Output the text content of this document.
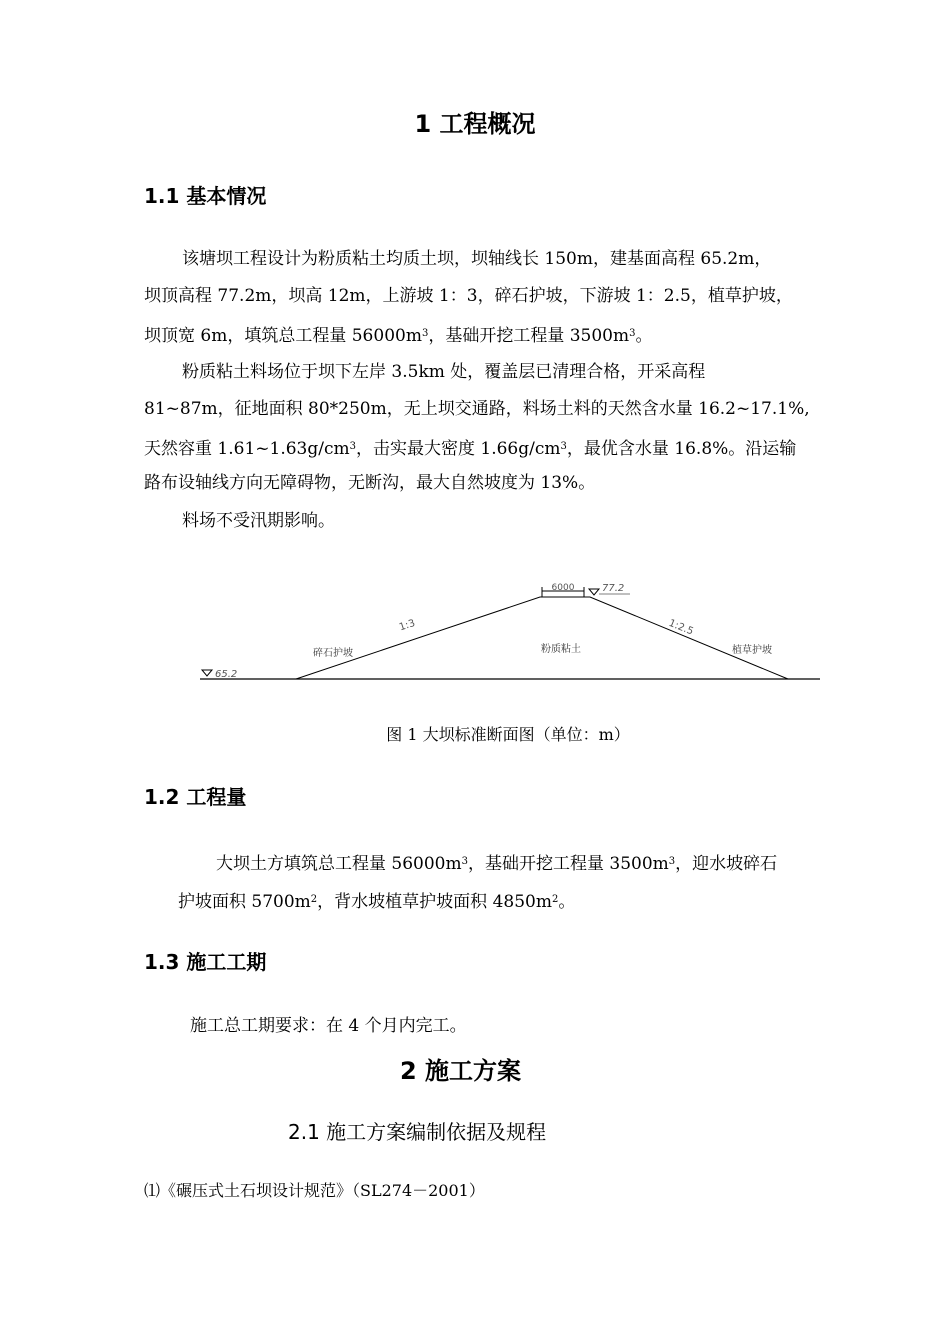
1 工程概况
1.1 基本情况
该塘坝工程设计为粉质粘土均质土坝，坝轴线长 150m，建基面高程 65.2m，
坝顶高程 77.2m，坝高 12m，上游坡 1：3，碎石护坡，下游坡 1：2.5，植草护坡，
坝顶宽 6m，填筑总工程量 $56000m^3$，基础开挖工程量 $3500m^3$。
粉质粘土料场位于坝下左岸 3.5km 处，覆盖层已清理合格，开采高程
81~87m，征地面积 80*250m，无上坝交通路，料场土料的天然含水量 16.2~17.1%,
天然容重 $1.61\sim 1.63g/cm^3$，击实最大密度 $1.66g/cm^3$，最优含水量 16.8%。沿运输
路布设轴线方向无障碍物，无断沟，最大自然坡度为 13%。
料场不受汛期影响。
6000	77.2
65.2
1:3	1:2.5
碎石护坡	粉质粘土	植草护坡
图 1 大坝标准断面图（单位：m）
1.2 工程量
大坝土方填筑总工程量 $56000m^3$，基础开挖工程量 $3500m^3$，迎水坡碎石
护坡面积 $5700m^2$，背水坡植草护坡面积 $4850m^2$。
1.3 施工工期
施工总工期要求：在 4 个月内完工。
2 施工方案
2.1 施工方案编制依据及规程
⑴《碾压式土石坝设计规范》（SL274－2001）
